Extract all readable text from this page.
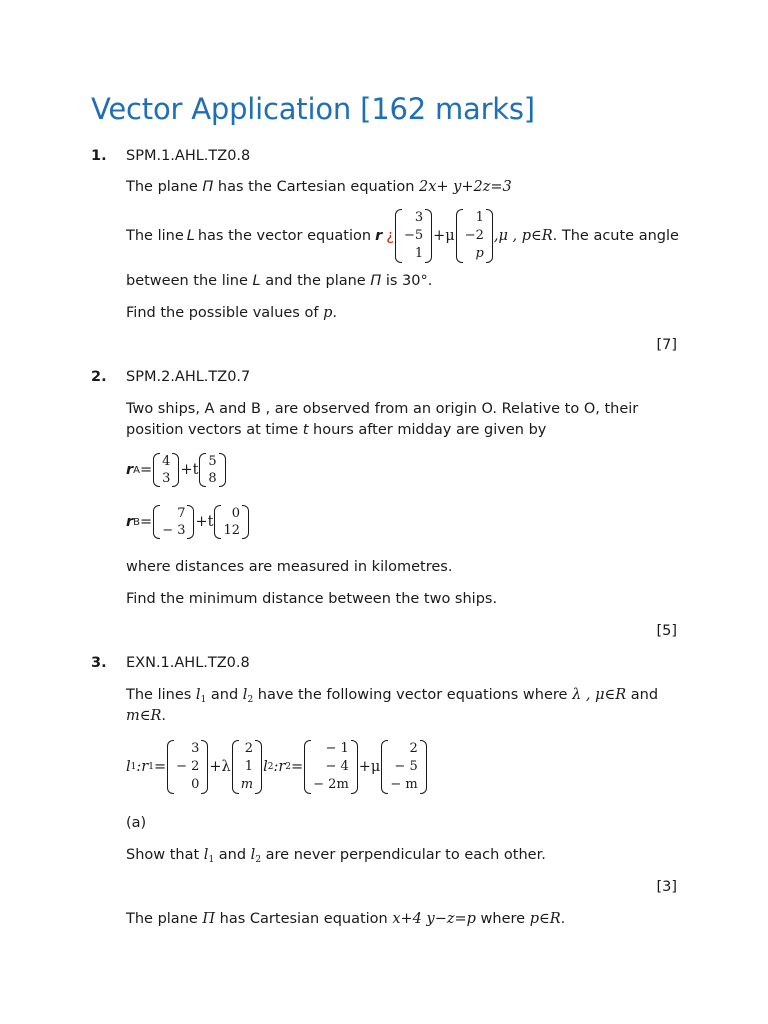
Vector Application [162 marks]
1. SPM.1.AHL.TZ0.8
The plane Π has the Cartesian equation 2x+ y+2z=3
The line L has the vector equation r ¿
3
−5
1
+μ
1
−2
p
,μ , p∈R . The acute angle
between the line L and the plane Π is 30°.
Find the possible values of p.
[7]
2. SPM.2.AHL.TZ0.7
Two ships, A and B , are observed from an origin O. Relative to O, their
position vectors at time t hours after midday are given by
r A =
4
3
+t
5
8
r B =
7
− 3
+t
0
12
where distances are measured in kilometres.
Find the minimum distance between the two ships.
[5]
3. EXN.1.AHL.TZ0.8
The lines $l_1$ and $l_2$ have the following vector equations where λ , μ∈R and
m∈R.
l 1 :r 1 =
3
− 2
0
+λ
2
1
m
l 2 :r 2 =
− 1
− 4
− 2m
+μ
2
− 5
− m
(a)
Show that $l_1$ and $l_2$ are never perpendicular to each other.
[3]
The plane Π has Cartesian equation x+4 y−z=p where p∈R.
